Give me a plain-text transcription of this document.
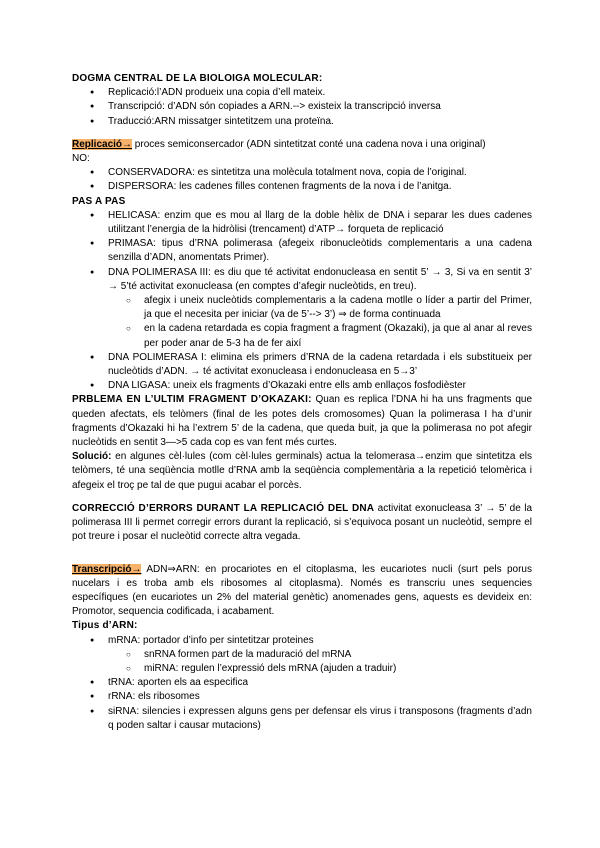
DOGMA CENTRAL DE LA BIOLOIGA MOLECULAR:
● Replicació:l’ADN produeix una copia d’ell mateix.
● Transcripció: d’ADN són copiades a ARN.--> existeix la transcripció inversa
● Traducció:ARN missatger sintetitzem una proteïna.
Replicació→ proces semiconsercador (ADN sintetitzat conté una cadena nova i una original)
NO:
● CONSERVADORA: es sintetitza una molècula totalment nova, copia de l’original.
● DISPERSORA: les cadenes filles contenen fragments de la nova i de l’anitga.
PAS A PAS
● HELICASA: enzim que es mou al llarg de la doble hèlix de DNA i separar les dues cadenes utilitzant l’energia de la hidròlisi (trencament) d’ATP→ forqueta de replicació
● PRIMASA: tipus d’RNA polimerasa (afegeix ribonucleòtids complementaris a una cadena senzilla d’ADN, anomentats Primer).
● DNA POLIMERASA III: es diu que té activitat endonucleasa en sentit 5’ → 3, Si va en sentit 3’ → 5’té activitat exonucleasa (en comptes d’afegir nucleòtids, en treu).
○ afegix i uneix nucleòtids complementaris a la cadena motlle o líder a partir del Primer, ja que el necesita per iniciar (va de 5’--> 3’) ⇒ de forma continuada
○ en la cadena retardada es copia fragment a fragment (Okazaki), ja que al anar al reves per poder anar de 5-3 ha de fer així
● DNA POLIMERASA I: elimina els primers d’RNA de la cadena retardada i els substitueix per nucleòtids d’ADN. → té activitat exonucleasa i endonucleasa en 5→3’
● DNA LIGASA: uneix els fragments d’Okazaki entre ells amb enllaços fosfodièster
PRBLEMA EN L’ULTIM FRAGMENT D’OKAZAKI: Quan es replica l’DNA hi ha uns fragments que queden afectats, els telòmers (final de les potes dels cromosomes) Quan la polimerasa I ha d’unir fragments d’Okazaki hi ha l’extrem 5’ de la cadena, que queda buit, ja que la polimerasa no pot afegir nucleòtids en sentit 3—>5 cada cop es van fent més curtes.
Solució: en algunes cèl·lules (com cèl·lules germinals) actua la telomerasa→enzim que sintetitza els telòmers, té una seqüència motlle d’RNA amb la seqüència complementària a la repetició telomèrica i afegeix el troç pe tal de que pugui acabar el porcès.
CORRECCIÓ D’ERRORS DURANT LA REPLICACIÓ DEL DNA activitat exonucleasa 3’ → 5’ de la polimerasa III li permet corregir errors durant la replicació, si s’equivoca posant un nucleòtid, sempre el pot treure i posar el nucleòtid correcte altra vegada.
Transcripció→ ADN⇒ARN: en procariotes en el citoplasma, les eucariotes nucli (surt pels porus nucelars i es troba amb els ribosomes al citoplasma). Només es transcriu unes sequencies específiques (en eucariotes un 2% del material genètic) anomenades gens, aquests es devideix en: Promotor, sequencia codificada, i acabament.
Tipus d’ARN:
● mRNA: portador d’info per sintetitzar proteines
○ snRNA formen part de la maduració del mRNA
○ miRNA: regulen l’expressió dels mRNA (ajuden a traduir)
● tRNA: aporten els aa especifica
● rRNA: els ribosomes
● siRNA: silencies i expressen alguns gens per defensar els virus i transposons (fragments d’adn q poden saltar i causar mutacions)
